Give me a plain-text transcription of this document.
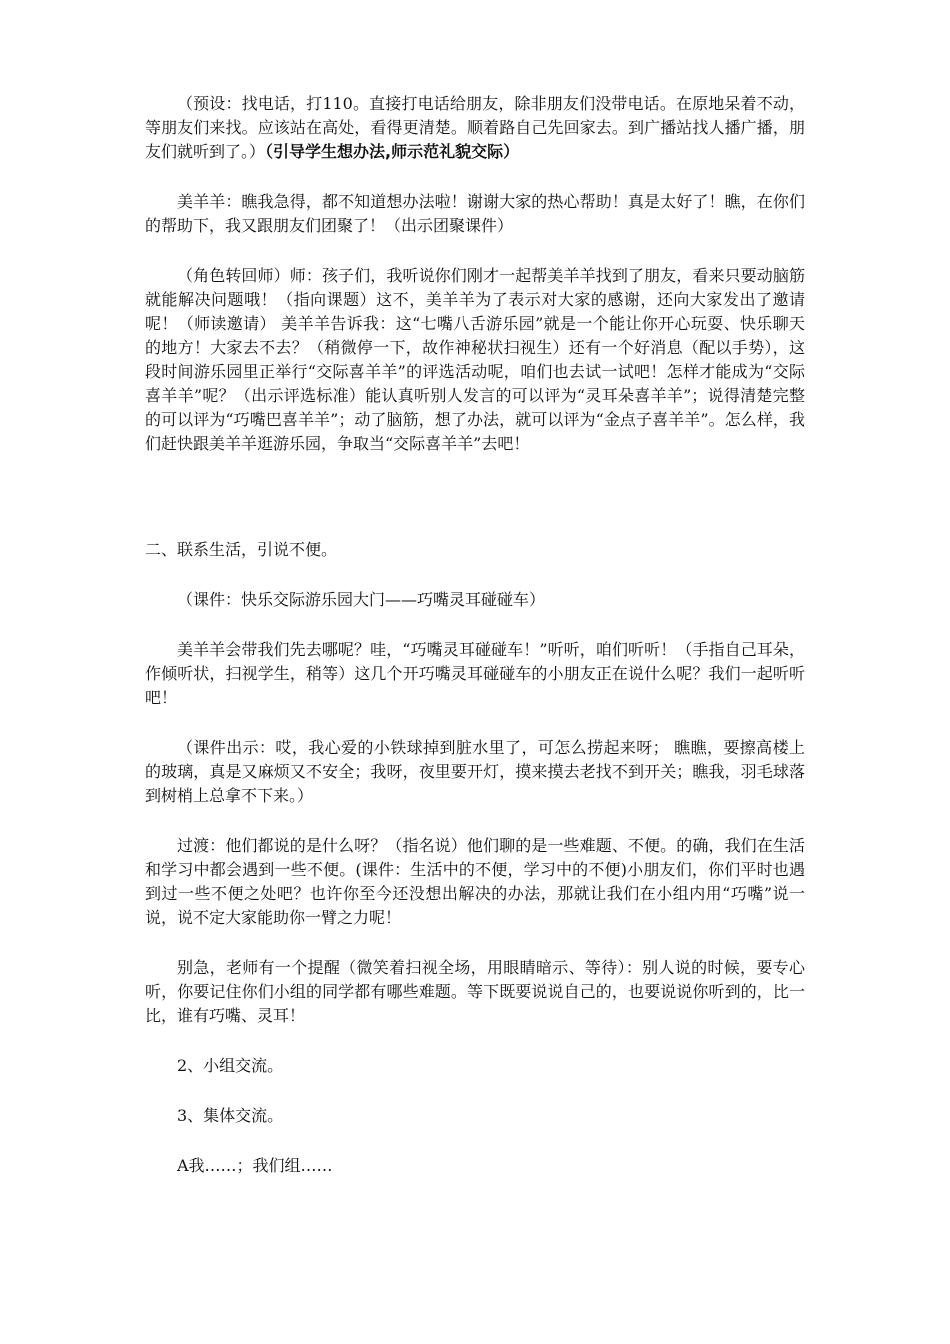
（预设：找电话，打110。直接打电话给朋友，除非朋友们没带电话。在原地呆着不动，等朋友们来找。应该站在高处，看得更清楚。顺着路自己先回家去。到广播站找人播广播，朋友们就听到了。）（引导学生想办法,师示范礼貌交际）

美羊羊：瞧我急得，都不知道想办法啦！谢谢大家的热心帮助！真是太好了！瞧，在你们的帮助下，我又跟朋友们团聚了！（出示团聚课件）

（角色转回师）师：孩子们，我听说你们刚才一起帮美羊羊找到了朋友，看来只要动脑筋就能解决问题哦！（指向课题）这不，美羊羊为了表示对大家的感谢，还向大家发出了邀请呢！（师读邀请） 美羊羊告诉我：这“七嘴八舌游乐园”就是一个能让你开心玩耍、快乐聊天的地方！大家去不去？（稍微停一下，故作神秘状扫视生）还有一个好消息（配以手势），这段时间游乐园里正举行“交际喜羊羊”的评选活动呢，咱们也去试一试吧！怎样才能成为“交际喜羊羊”呢？（出示评选标准）能认真听别人发言的可以评为“灵耳朵喜羊羊”；说得清楚完整的可以评为“巧嘴巴喜羊羊”；动了脑筋，想了办法，就可以评为“金点子喜羊羊”。怎么样，我们赶快跟美羊羊逛游乐园，争取当“交际喜羊羊”去吧！

二、联系生活，引说不便。

（课件：快乐交际游乐园大门——巧嘴灵耳碰碰车）

美羊羊会带我们先去哪呢？哇，“巧嘴灵耳碰碰车！”听听，咱们听听！（手指自己耳朵，作倾听状，扫视学生，稍等）这几个开巧嘴灵耳碰碰车的小朋友正在说什么呢？我们一起听听吧！

（课件出示：哎，我心爱的小铁球掉到脏水里了，可怎么捞起来呀； 瞧瞧，要擦高楼上的玻璃，真是又麻烦又不安全；我呀，夜里要开灯，摸来摸去老找不到开关；瞧我，羽毛球落到树梢上总拿不下来。）

过渡：他们都说的是什么呀？（指名说）他们聊的是一些难题、不便。的确，我们在生活和学习中都会遇到一些不便。(课件：生活中的不便，学习中的不便)小朋友们，你们平时也遇到过一些不便之处吧？也许你至今还没想出解决的办法，那就让我们在小组内用“巧嘴”说一说，说不定大家能助你一臂之力呢！

别急，老师有一个提醒（微笑着扫视全场，用眼睛暗示、等待）：别人说的时候，要专心听，你要记住你们小组的同学都有哪些难题。等下既要说说自己的，也要说说你听到的，比一比，谁有巧嘴、灵耳！

2、小组交流。

3、集体交流。

A我……；我们组……
